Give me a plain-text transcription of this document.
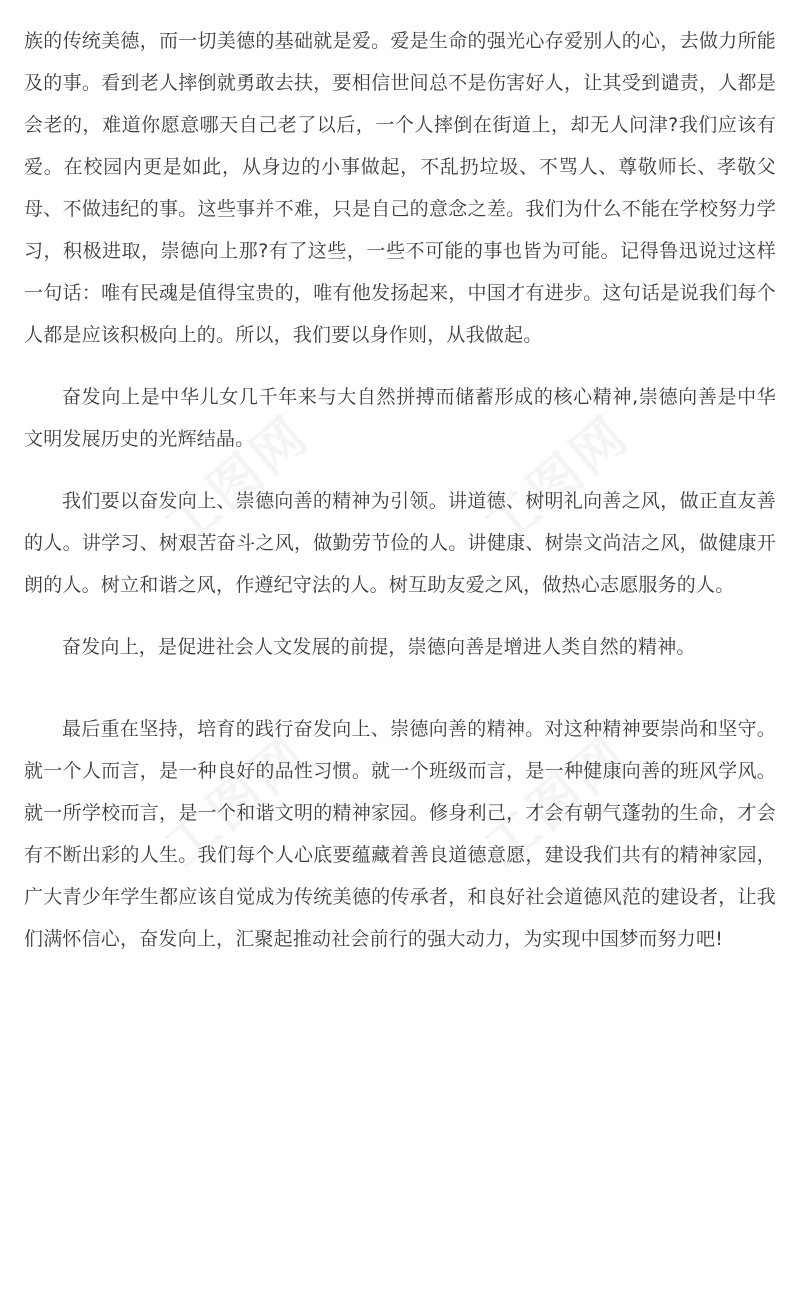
族的传统美德，而一切美德的基础就是爱。爱是生命的强光心存爱别人的心，去做力所能及的事。看到老人摔倒就勇敢去扶，要相信世间总不是伤害好人，让其受到谴责，人都是会老的，难道你愿意哪天自己老了以后，一个人摔倒在街道上，却无人问津?我们应该有爱。在校园内更是如此，从身边的小事做起，不乱扔垃圾、不骂人、尊敬师长、孝敬父母、不做违纪的事。这些事并不难，只是自己的意念之差。我们为什么不能在学校努力学习，积极进取，崇德向上那?有了这些，一些不可能的事也皆为可能。记得鲁迅说过这样一句话：唯有民魂是值得宝贵的，唯有他发扬起来，中国才有进步。这句话是说我们每个人都是应该积极向上的。所以，我们要以身作则，从我做起。

奋发向上是中华儿女几千年来与大自然拼搏而储蓄形成的核心精神,崇德向善是中华文明发展历史的光辉结晶。

我们要以奋发向上、崇德向善的精神为引领。讲道德、树明礼向善之风，做正直友善的人。讲学习、树艰苦奋斗之风，做勤劳节俭的人。讲健康、树崇文尚洁之风，做健康开朗的人。树立和谐之风，作遵纪守法的人。树互助友爱之风，做热心志愿服务的人。

奋发向上，是促进社会人文发展的前提，崇德向善是增进人类自然的精神。

最后重在坚持，培育的践行奋发向上、崇德向善的精神。对这种精神要崇尚和坚守。就一个人而言，是一种良好的品性习惯。就一个班级而言，是一种健康向善的班风学风。就一所学校而言，是一个和谐文明的精神家园。修身利己，才会有朝气蓬勃的生命，才会有不断出彩的人生。我们每个人心底要蕴藏着善良道德意愿，建设我们共有的精神家园，广大青少年学生都应该自觉成为传统美德的传承者，和良好社会道德风范的建设者，让我们满怀信心，奋发向上，汇聚起推动社会前行的强大动力，为实现中国梦而努力吧!
